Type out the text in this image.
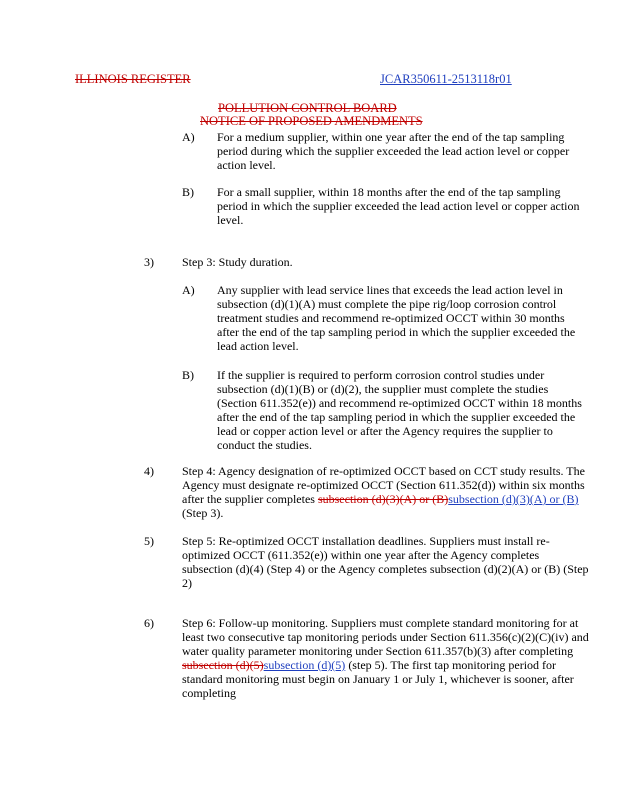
ILLINOIS REGISTER	JCAR350611-2513118r01
POLLUTION CONTROL BOARD
NOTICE OF PROPOSED AMENDMENTS
A) For a medium supplier, within one year after the end of the tap sampling period during which the supplier exceeded the lead action level or copper action level.
B) For a small supplier, within 18 months after the end of the tap sampling period in which the supplier exceeded the lead action level or copper action level.
3) Step 3: Study duration.
A) Any supplier with lead service lines that exceeds the lead action level in subsection (d)(1)(A) must complete the pipe rig/loop corrosion control treatment studies and recommend re-optimized OCCT within 30 months after the end of the tap sampling period in which the supplier exceeded the lead action level.
B) If the supplier is required to perform corrosion control studies under subsection (d)(1)(B) or (d)(2), the supplier must complete the studies (Section 611.352(e)) and recommend re-optimized OCCT within 18 months after the end of the tap sampling period in which the supplier exceeded the lead or copper action level or after the Agency requires the supplier to conduct the studies.
4) Step 4: Agency designation of re-optimized OCCT based on CCT study results. The Agency must designate re-optimized OCCT (Section 611.352(d)) within six months after the supplier completes subsection (d)(3)(A) or (B)subsection (d)(3)(A) or (B) (Step 3).
5) Step 5: Re-optimized OCCT installation deadlines. Suppliers must install re-optimized OCCT (611.352(e)) within one year after the Agency completes subsection (d)(4) (Step 4) or the Agency completes subsection (d)(2)(A) or (B) (Step 2)
6) Step 6: Follow-up monitoring. Suppliers must complete standard monitoring for at least two consecutive tap monitoring periods under Section 611.356(c)(2)(C)(iv) and water quality parameter monitoring under Section 611.357(b)(3) after completing subsection (d)(5)subsection (d)(5) (step 5). The first tap monitoring period for standard monitoring must begin on January 1 or July 1, whichever is sooner, after completing
